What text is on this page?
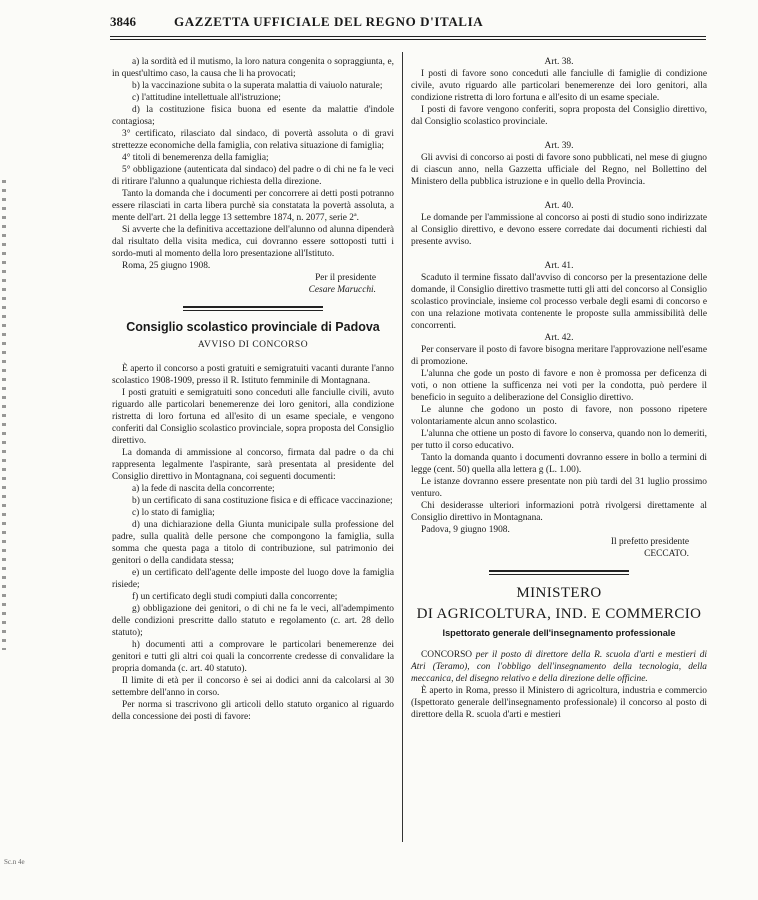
3846	GAZZETTA UFFICIALE DEL REGNO D'ITALIA

a) la sordità ed il mutismo, la loro natura congenita o sopraggiunta, e, in quest'ultimo caso, la causa che li ha provocati;

b) la vaccinazione subita o la superata malattia di vaiuolo naturale;

c) l'attitudine intellettuale all'istruzione;

d) la costituzione fisica buona ed esente da malattie d'indole contagiosa;

3° certificato, rilasciato dal sindaco, di povertà assoluta o di gravi strettezze economiche della famiglia, con relativa situazione di famiglia;

4° titoli di benemerenza della famiglia;

5° obbligazione (autenticata dal sindaco) del padre o di chi ne fa le veci di ritirare l'alunno a qualunque richiesta della direzione.

Tanto la domanda che i documenti per concorrere ai detti posti potranno essere rilasciati in carta libera purchè sia constatata la povertà assoluta, a mente dell'art. 21 della legge 13 settembre 1874, n. 2077, serie 2ª.

Si avverte che la definitiva accettazione dell'alunno od alunna dipenderà dal risultato della visita medica, cui dovranno essere sottoposti tutti i sordo-muti al momento della loro presentazione all'Istituto.

Roma, 25 giugno 1908.

Per il presidente

Cesare Marucchi.

Consiglio scolastico provinciale di Padova
AVVISO DI CONCORSO

È aperto il concorso a posti gratuiti e semigratuiti vacanti durante l'anno scolastico 1908-1909, presso il R. Istituto femminile di Montagnana.

I posti gratuiti e semigratuiti sono conceduti alle fanciulle civili, avuto riguardo alle particolari benemerenze dei loro genitori, alla condizione ristretta di loro fortuna ed all'esito di un esame speciale, e vengono conferiti dal Consiglio scolastico provinciale, sopra proposta del Consiglio direttivo.

La domanda di ammissione al concorso, firmata dal padre o da chi rappresenta legalmente l'aspirante, sarà presentata al presidente del Consiglio direttivo in Montagnana, coi seguenti documenti:

a) la fede di nascita della concorrente;

b) un certificato di sana costituzione fisica e di efficace vaccinazione;

c) lo stato di famiglia;

d) una dichiarazione della Giunta municipale sulla professione del padre, sulla qualità delle persone che compongono la famiglia, sulla somma che questa paga a titolo di contribuzione, sul patrimonio dei genitori o della candidata stessa;

e) un certificato dell'agente delle imposte del luogo dove la famiglia risiede;

f) un certificato degli studi compiuti dalla concorrente;

g) obbligazione dei genitori, o di chi ne fa le veci, all'adempimento delle condizioni prescritte dallo statuto e regolamento (c. art. 28 dello statuto);

h) documenti atti a comprovare le particolari benemerenze dei genitori e tutti gli altri coi quali la concorrente credesse di convalidare la propria domanda (c. art. 40 statuto).

Il limite di età per il concorso è sei ai dodici anni da calcolarsi al 30 settembre dell'anno in corso.

Per norma si trascrivono gli articoli dello statuto organico al riguardo della concessione dei posti di favore:

Art. 38.

I posti di favore sono conceduti alle fanciulle di famiglie di condizione civile, avuto riguardo alle particolari benemerenze dei loro genitori, alla condizione ristretta di loro fortuna e all'esito di un esame speciale.

I posti di favore vengono conferiti, sopra proposta del Consiglio direttivo, dal Consiglio scolastico provinciale.

Art. 39.

Gli avvisi di concorso ai posti di favore sono pubblicati, nel mese di giugno di ciascun anno, nella Gazzetta ufficiale del Regno, nel Bollettino del Ministero della pubblica istruzione e in quello della Provincia.

Art. 40.

Le domande per l'ammissione al concorso ai posti di studio sono indirizzate al Consiglio direttivo, e devono essere corredate dai documenti richiesti dal presente avviso.

Art. 41.

Scaduto il termine fissato dall'avviso di concorso per la presentazione delle domande, il Consiglio direttivo trasmette tutti gli atti del concorso al Consiglio scolastico provinciale, insieme col processo verbale degli esami di concorso e con una relazione motivata contenente le proposte sulla ammissibilità delle concorrenti.

Art. 42.

Per conservare il posto di favore bisogna meritare l'approvazione nell'esame di promozione.

L'alunna che gode un posto di favore e non è promossa per deficenza di voti, o non ottiene la sufficenza nei voti per la condotta, può perdere il beneficio in seguito a deliberazione del Consiglio direttivo.

Le alunne che godono un posto di favore, non possono ripetere volontariamente alcun anno scolastico.

L'alunna che ottiene un posto di favore lo conserva, quando non lo demeriti, per tutto il corso educativo.

Tanto la domanda quanto i documenti dovranno essere in bollo a termini di legge (cent. 50) quella alla lettera g (L. 1.00).

Le istanze dovranno essere presentate non più tardi del 31 luglio prossimo venturo.

Chi desiderasse ulteriori informazioni potrà rivolgersi direttamente al Consiglio direttivo in Montagnana.

Padova, 9 giugno 1908.

Il prefetto presidente

CECCATO.

MINISTERO
DI AGRICOLTURA, IND. E COMMERCIO
Ispettorato generale dell'insegnamento professionale

CONCORSO per il posto di direttore della R. scuola d'arti e mestieri di Atri (Teramo), con l'obbligo dell'insegnamento della tecnologia, della meccanica, del disegno relativo e della direzione delle officine.

È aperto in Roma, presso il Ministero di agricoltura, industria e commercio (Ispettorato generale dell'insegnamento professionale) il concorso al posto di direttore della R. scuola d'arti e mestieri

Sc.n 4e
